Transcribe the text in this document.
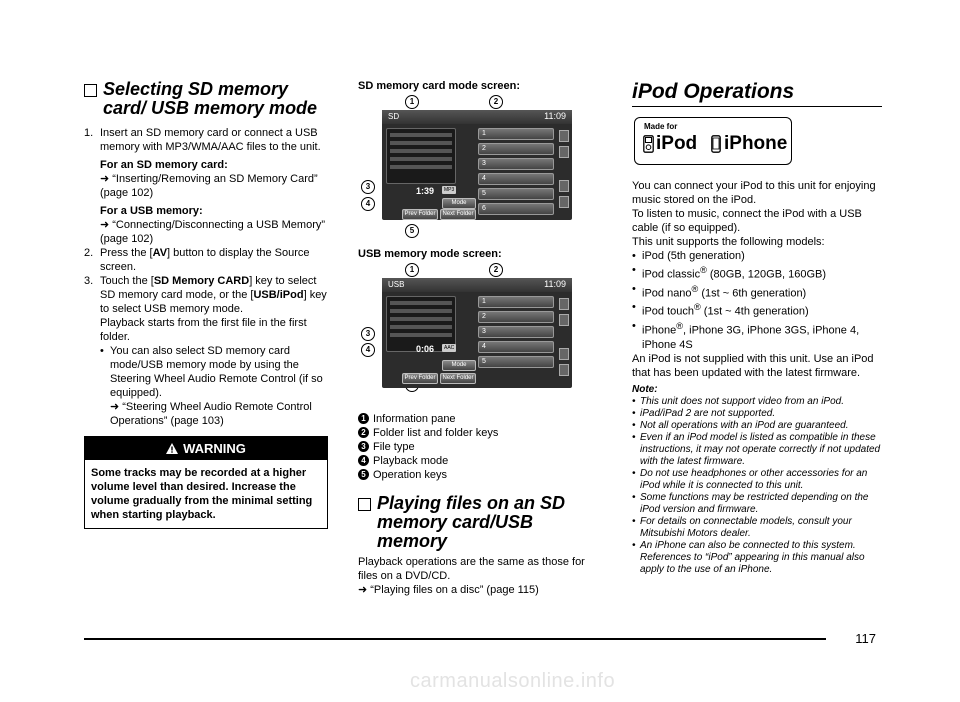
Selecting SD memory card/ USB memory mode
1. Insert an SD memory card or connect a USB memory with MP3/WMA/AAC files to the unit.
For an SD memory card:
➜ “Inserting/Removing an SD Memory Card” (page 102)
For a USB memory:
➜ “Connecting/Disconnecting a USB Memory” (page 102)
2. Press the [AV] button to display the Source screen.
3. Touch the [SD Memory CARD] key to select SD memory card mode, or the [USB/iPod] key to select USB memory mode.
Playback starts from the first file in the first folder.
• You can also select SD memory card mode/USB memory mode by using the Steering Wheel Audio Remote Control (if so equipped).
➜ “Steering Wheel Audio Remote Control Operations” (page 103)
WARNING
Some tracks may be recorded at a higher volume level than desired. Increase the volume gradually from the minimal setting when starting playback.
SD memory card mode screen:
1	2
3
4
5
SD	11:09
1
2
3
4
5
6
1:39	MP3
Mode
Prev Folder	Next Folder
USB memory mode screen:
1	2
3
4
USB	11:09
1
2
3
4
5
0:06	AAC
Mode
Prev Folder	Next Folder
1 Information pane
2 Folder list and folder keys
3 File type
4 Playback mode
5 Operation keys
Playing files on an SD memory card/USB memory
Playback operations are the same as those for files on a DVD/CD.
➜ “Playing files on a disc” (page 115)
iPod Operations
Made for
iPod iPhone
You can connect your iPod to this unit for enjoying music stored on the iPod.
To listen to music, connect the iPod with a USB cable (if so equipped).
This unit supports the following models:
• iPod (5th generation)
• iPod classic® (80GB, 120GB, 160GB)
• iPod nano® (1st ~ 6th generation)
• iPod touch® (1st ~ 4th generation)
• iPhone®, iPhone 3G, iPhone 3GS, iPhone 4, iPhone 4S
An iPod is not supplied with this unit. Use an iPod that has been updated with the latest firmware.
Note:
• This unit does not support video from an iPod.
• iPad/iPad 2 are not supported.
• Not all operations with an iPod are guaranteed.
• Even if an iPod model is listed as compatible in these instructions, it may not operate correctly if not updated with the latest firmware.
• Do not use headphones or other accessories for an iPod while it is connected to this unit.
• Some functions may be restricted depending on the iPod version and firmware.
• For details on connectable models, consult your Mitsubishi Motors dealer.
• An iPhone can also be connected to this system. References to “iPod” appearing in this manual also apply to the use of an iPhone.
117
carmanualsonline.info
